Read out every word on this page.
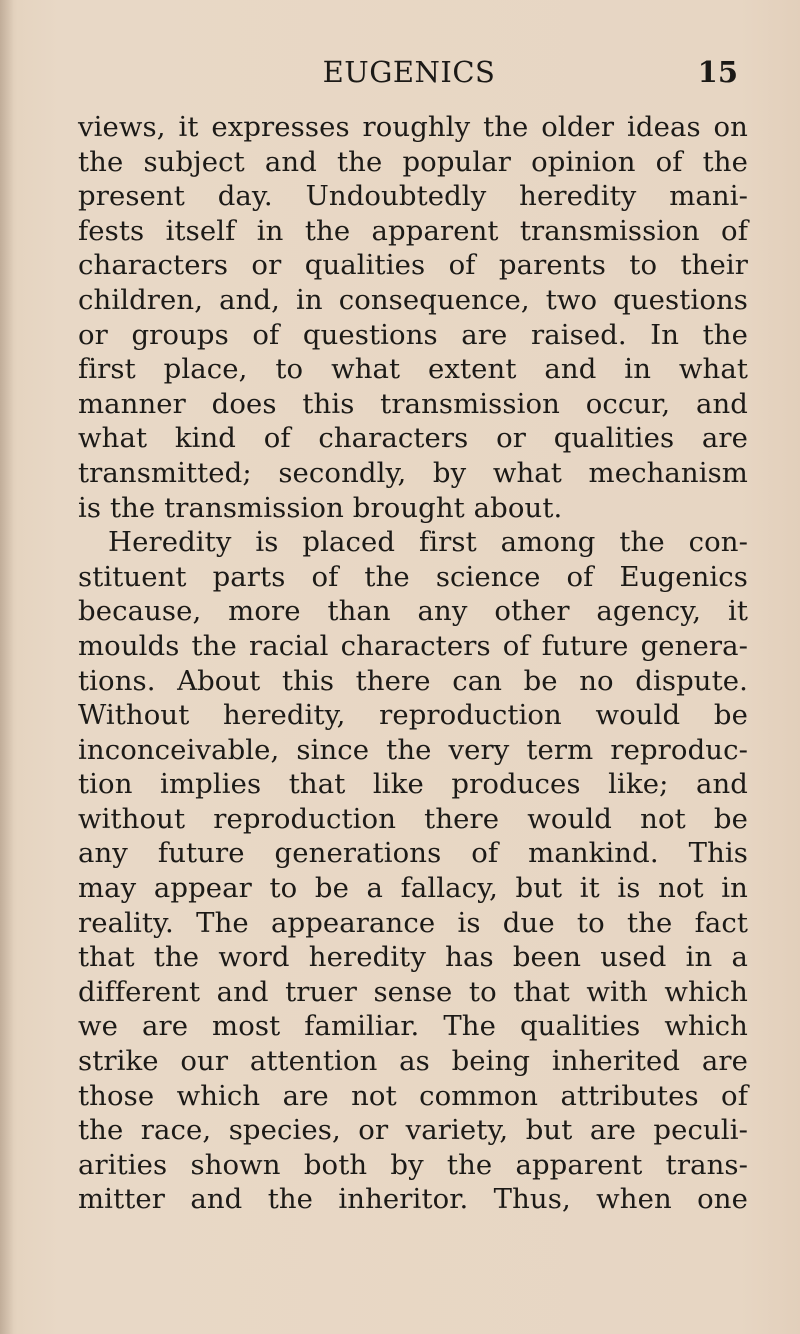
EUGENICS	15
views, it expresses roughly the older ideas on
the subject and the popular opinion of the
present day. Undoubtedly heredity mani-
fests itself in the apparent transmission of
characters or qualities of parents to their
children, and, in consequence, two questions
or groups of questions are raised. In the
first place, to what extent and in what
manner does this transmission occur, and
what kind of characters or qualities are
transmitted; secondly, by what mechanism
is the transmission brought about.
Heredity is placed first among the con-
stituent parts of the science of Eugenics
because, more than any other agency, it
moulds the racial characters of future genera-
tions. About this there can be no dispute.
Without heredity, reproduction would be
inconceivable, since the very term reproduc-
tion implies that like produces like; and
without reproduction there would not be
any future generations of mankind. This
may appear to be a fallacy, but it is not in
reality. The appearance is due to the fact
that the word heredity has been used in a
different and truer sense to that with which
we are most familiar. The qualities which
strike our attention as being inherited are
those which are not common attributes of
the race, species, or variety, but are peculi-
arities shown both by the apparent trans-
mitter and the inheritor. Thus, when one
